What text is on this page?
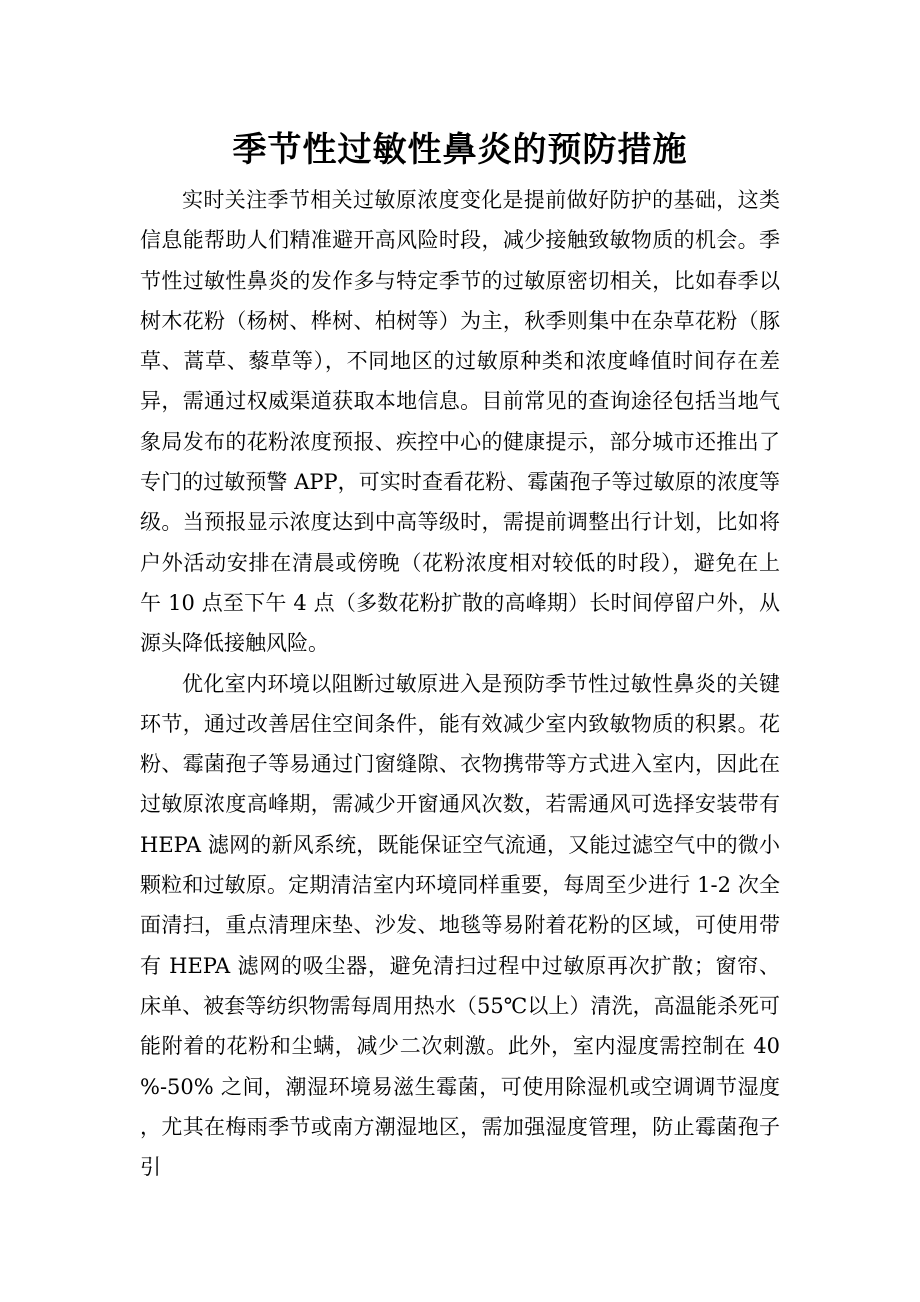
季节性过敏性鼻炎的预防措施

实时关注季节相关过敏原浓度变化是提前做好防护的基础，这类信息能帮助人们精准避开高风险时段，减少接触致敏物质的机会。季节性过敏性鼻炎的发作多与特定季节的过敏原密切相关，比如春季以树木花粉（杨树、桦树、柏树等）为主，秋季则集中在杂草花粉（豚草、蒿草、藜草等），不同地区的过敏原种类和浓度峰值时间存在差异，需通过权威渠道获取本地信息。目前常见的查询途径包括当地气象局发布的花粉浓度预报、疾控中心的健康提示，部分城市还推出了专门的过敏预警 APP，可实时查看花粉、霉菌孢子等过敏原的浓度等级。当预报显示浓度达到中高等级时，需提前调整出行计划，比如将户外活动安排在清晨或傍晚（花粉浓度相对较低的时段），避免在上午 10 点至下午 4 点（多数花粉扩散的高峰期）长时间停留户外，从源头降低接触风险。

优化室内环境以阻断过敏原进入是预防季节性过敏性鼻炎的关键环节，通过改善居住空间条件，能有效减少室内致敏物质的积累。花粉、霉菌孢子等易通过门窗缝隙、衣物携带等方式进入室内，因此在过敏原浓度高峰期，需减少开窗通风次数，若需通风可选择安装带有 HEPA 滤网的新风系统，既能保证空气流通，又能过滤空气中的微小颗粒和过敏原。定期清洁室内环境同样重要，每周至少进行 1-2 次全面清扫，重点清理床垫、沙发、地毯等易附着花粉的区域，可使用带有 HEPA 滤网的吸尘器，避免清扫过程中过敏原再次扩散；窗帘、床单、被套等纺织物需每周用热水（55℃以上）清洗，高温能杀死可能附着的花粉和尘螨，减少二次刺激。此外，室内湿度需控制在 40%-50% 之间，潮湿环境易滋生霉菌，可使用除湿机或空调调节湿度，尤其在梅雨季节或南方潮湿地区，需加强湿度管理，防止霉菌孢子引
